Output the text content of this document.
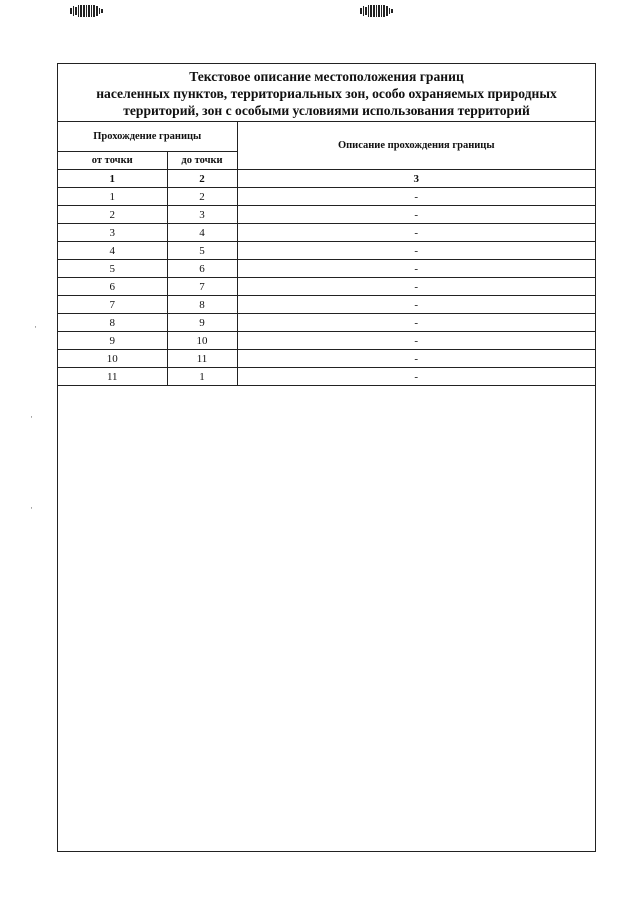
Текстовое описание местоположения границ
населенных пунктов, территориальных зон, особо охраняемых природных
территорий, зон с особыми условиями использования территорий
Прохождение границы		Описание прохождения границы
от точки	до точки	
1	2	3
1	2	-
2	3	-
3	4	-
4	5	-
5	6	-
6	7	-
7	8	-
8	9	-
9	10	-
10	11	-
11	1	-
·
·
·
